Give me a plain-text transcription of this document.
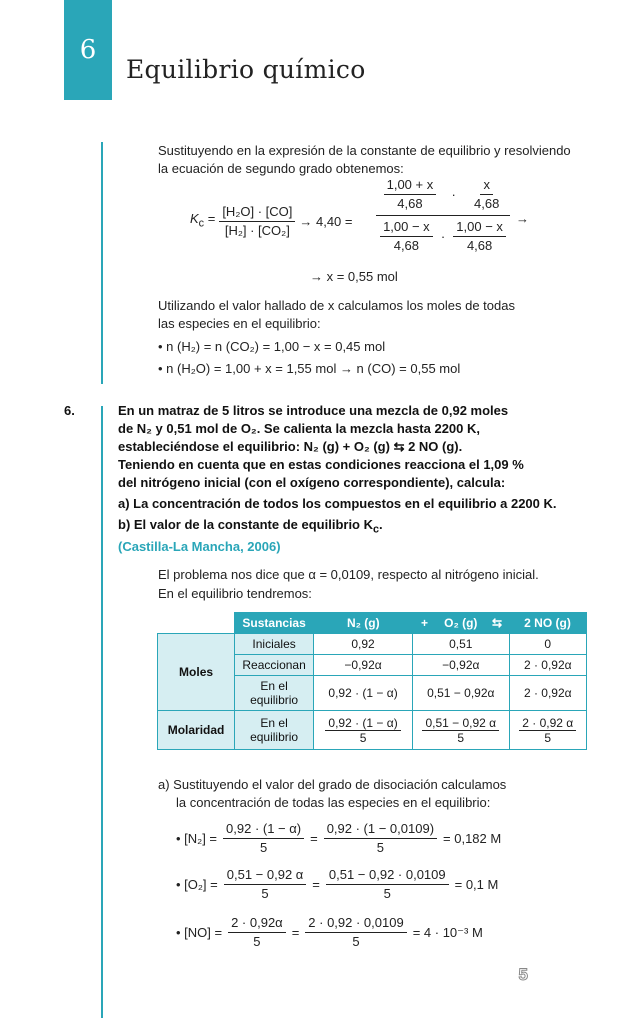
6
Equilibrio químico
Sustituyendo en la expresión de la constante de equilibrio y resolviendo
la ecuación de segundo grado obtenemos:
$K_c = \frac{\text{[H₂O] · [CO]}}{\text{[H₂] · [CO₂]}} \to 4,40$ =
$\frac{1,00 + x}{4,68} \cdot \frac{x}{4,68}$
$\frac{1,00 - x}{4,68} \cdot \frac{1,00 - x}{4,68}$ →
→ x = 0,55 mol
Utilizando el valor hallado de x calculamos los moles de todas
las especies en el equilibrio:
• n (H₂) = n (CO₂) = 1,00 − x = 0,45 mol
• n (H₂O) = 1,00 + x = 1,55 mol → n (CO) = 0,55 mol
6.	En un matraz de 5 litros se introduce una mezcla de 0,92 moles
de N₂ y 0,51 mol de O₂. Se calienta la mezcla hasta 2200 K,
estableciéndose el equilibrio: N₂ (g) + O₂ (g) ⇆ 2 NO (g).
Teniendo en cuenta que en estas condiciones reacciona el 1,09 %
del nitrógeno inicial (con el oxígeno correspondiente), calcula:
a) La concentración de todos los compuestos en el equilibrio a 2200 K.
b) El valor de la constante de equilibrio $K_c$.
(Castilla-La Mancha, 2006)
El problema nos dice que α = 0,0109, respecto al nitrógeno inicial.
En el equilibrio tendremos:
	Sustancias	N₂ (g)	+	O₂ (g)	⇆	2 NO (g)
Moles	Iniciales	0,92	0,51			0
	Reaccionan	−0,92α	−0,92α			2 · 0,92α
	En el equilibrio	0,92 · (1 − α)	0,51 − 0,92α			2 · 0,92α
Molaridad	En el equilibrio	$\frac{0,92 \cdot (1 - \alpha)}{5}$	$\frac{0,51 - 0,92 \alpha}{5}$			$\frac{2 \cdot 0,92 \alpha}{5}$
a) Sustituyendo el valor del grado de disociación calculamos
la concentración de todas las especies en el equilibrio:
• $[N_2] = \frac{0,92 \cdot (1 - \alpha)}{5} = \frac{0,92 \cdot (1 - 0,0109)}{5} = 0,182$ M
• $[O_2] = \frac{0,51 - 0,92 \alpha}{5} = \frac{0,51 - 0,92 \cdot 0,0109}{5} = 0,1$ M
• $[NO] = \frac{2 \cdot 0,92\alpha}{5} = \frac{2 \cdot 0,92 \cdot 0,0109}{5} = 4 \cdot 10^{-3}$ M
5
